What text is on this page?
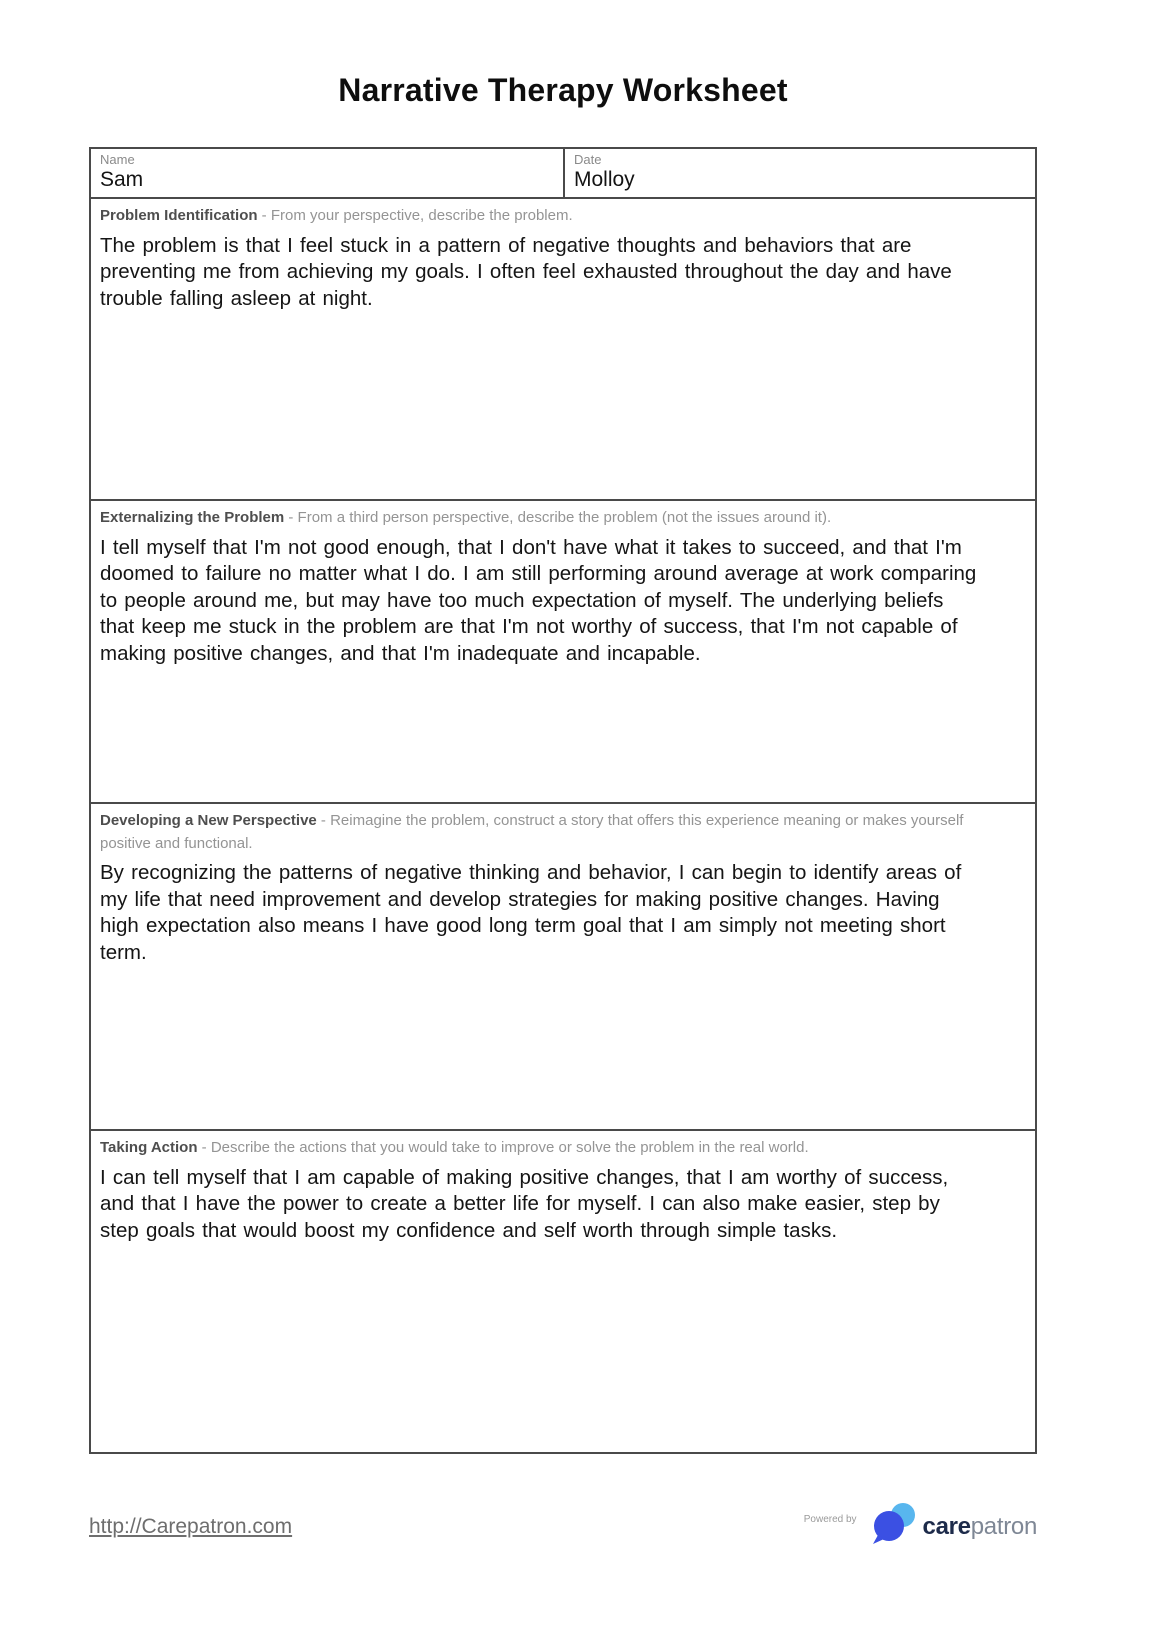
Narrative Therapy Worksheet
Name
Sam
Date
Molloy
Problem Identification - From your perspective, describe the problem.
The problem is that I feel stuck in a pattern of negative thoughts and behaviors that are preventing me from achieving my goals. I often feel exhausted throughout the day and have trouble falling asleep at night.
Externalizing the Problem - From a third person perspective, describe the problem (not the issues around it).
I tell myself that I'm not good enough, that I don't have what it takes to succeed, and that I'm doomed to failure no matter what I do. I am still performing around average at work comparing to people around me, but may have too much expectation of myself. The underlying beliefs that keep me stuck in the problem are that I'm not worthy of success, that I'm not capable of making positive changes, and that I'm inadequate and incapable.
Developing a New Perspective - Reimagine the problem, construct a story that offers this experience meaning or makes yourself positive and functional.
By recognizing the patterns of negative thinking and behavior, I can begin to identify areas of my life that need improvement and develop strategies for making positive changes. Having high expectation also means I have good long term goal that I am simply not meeting short term.
Taking Action - Describe the actions that you would take to improve or solve the problem in the real world.
I can tell myself that I am capable of making positive changes, that I am worthy of success, and that I have the power to create a better life for myself. I can also make easier, step by step goals that would boost my confidence and self worth through simple tasks.
http://Carepatron.com	Powered by	carepatron
